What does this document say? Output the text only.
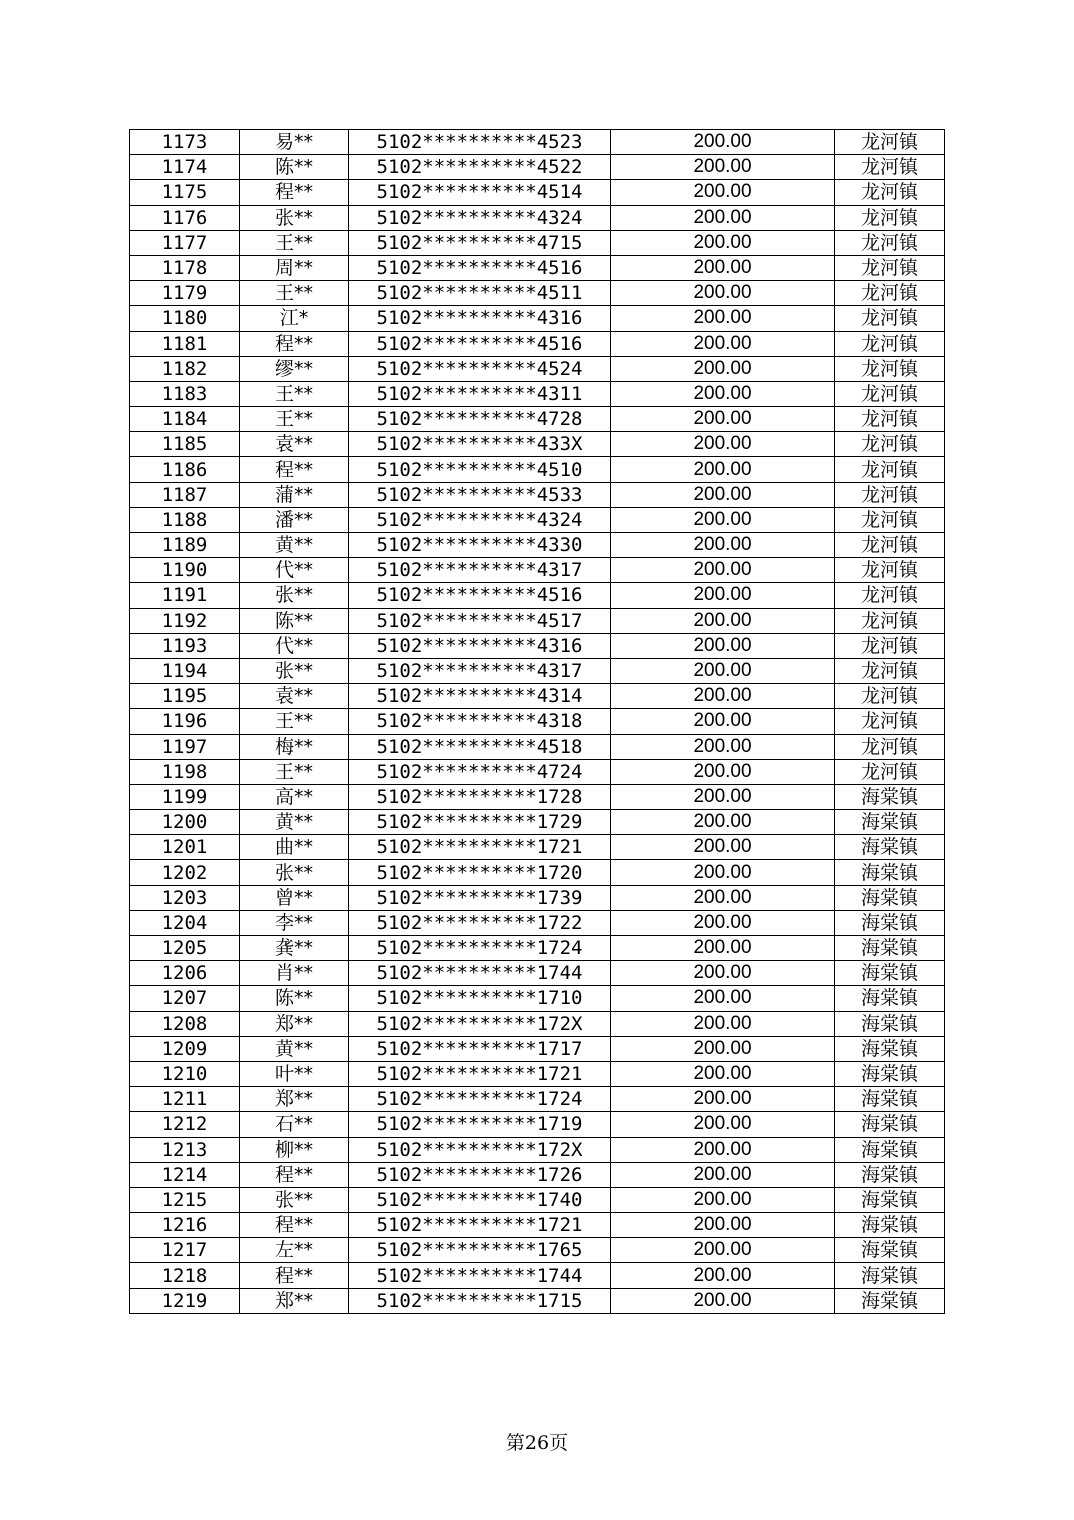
1173	易**	5102**********4523	200.00	龙河镇
1174	陈**	5102**********4522	200.00	龙河镇
1175	程**	5102**********4514	200.00	龙河镇
1176	张**	5102**********4324	200.00	龙河镇
1177	王**	5102**********4715	200.00	龙河镇
1178	周**	5102**********4516	200.00	龙河镇
1179	王**	5102**********4511	200.00	龙河镇
1180	江*	5102**********4316	200.00	龙河镇
1181	程**	5102**********4516	200.00	龙河镇
1182	缪**	5102**********4524	200.00	龙河镇
1183	王**	5102**********4311	200.00	龙河镇
1184	王**	5102**********4728	200.00	龙河镇
1185	袁**	5102**********433X	200.00	龙河镇
1186	程**	5102**********4510	200.00	龙河镇
1187	蒲**	5102**********4533	200.00	龙河镇
1188	潘**	5102**********4324	200.00	龙河镇
1189	黄**	5102**********4330	200.00	龙河镇
1190	代**	5102**********4317	200.00	龙河镇
1191	张**	5102**********4516	200.00	龙河镇
1192	陈**	5102**********4517	200.00	龙河镇
1193	代**	5102**********4316	200.00	龙河镇
1194	张**	5102**********4317	200.00	龙河镇
1195	袁**	5102**********4314	200.00	龙河镇
1196	王**	5102**********4318	200.00	龙河镇
1197	梅**	5102**********4518	200.00	龙河镇
1198	王**	5102**********4724	200.00	龙河镇
1199	高**	5102**********1728	200.00	海棠镇
1200	黄**	5102**********1729	200.00	海棠镇
1201	曲**	5102**********1721	200.00	海棠镇
1202	张**	5102**********1720	200.00	海棠镇
1203	曾**	5102**********1739	200.00	海棠镇
1204	李**	5102**********1722	200.00	海棠镇
1205	龚**	5102**********1724	200.00	海棠镇
1206	肖**	5102**********1744	200.00	海棠镇
1207	陈**	5102**********1710	200.00	海棠镇
1208	郑**	5102**********172X	200.00	海棠镇
1209	黄**	5102**********1717	200.00	海棠镇
1210	叶**	5102**********1721	200.00	海棠镇
1211	郑**	5102**********1724	200.00	海棠镇
1212	石**	5102**********1719	200.00	海棠镇
1213	柳**	5102**********172X	200.00	海棠镇
1214	程**	5102**********1726	200.00	海棠镇
1215	张**	5102**********1740	200.00	海棠镇
1216	程**	5102**********1721	200.00	海棠镇
1217	左**	5102**********1765	200.00	海棠镇
1218	程**	5102**********1744	200.00	海棠镇
1219	郑**	5102**********1715	200.00	海棠镇
第26页
